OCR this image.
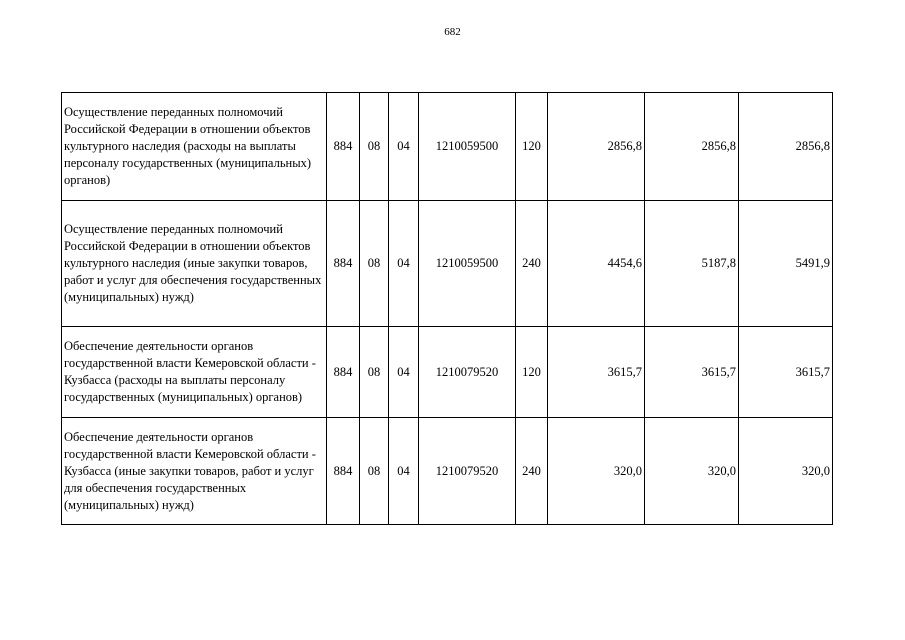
682
Осуществление переданных полномочий Российской Федерации в отношении объектов культурного наследия (расходы на выплаты персоналу государственных (муниципальных) органов)	884	08	04	1210059500	120	2856,8	2856,8	2856,8
Осуществление переданных полномочий Российской Федерации в отношении объектов культурного наследия (иные закупки товаров, работ и услуг для обеспечения государственных (муниципальных) нужд)	884	08	04	1210059500	240	4454,6	5187,8	5491,9
Обеспечение деятельности органов государственной власти Кемеровской области - Кузбасса (расходы на выплаты персоналу государственных (муниципальных) органов)	884	08	04	1210079520	120	3615,7	3615,7	3615,7
Обеспечение деятельности органов государственной власти Кемеровской области - Кузбасса (иные закупки товаров, работ и услуг для обеспечения государственных (муниципальных) нужд)	884	08	04	1210079520	240	320,0	320,0	320,0
